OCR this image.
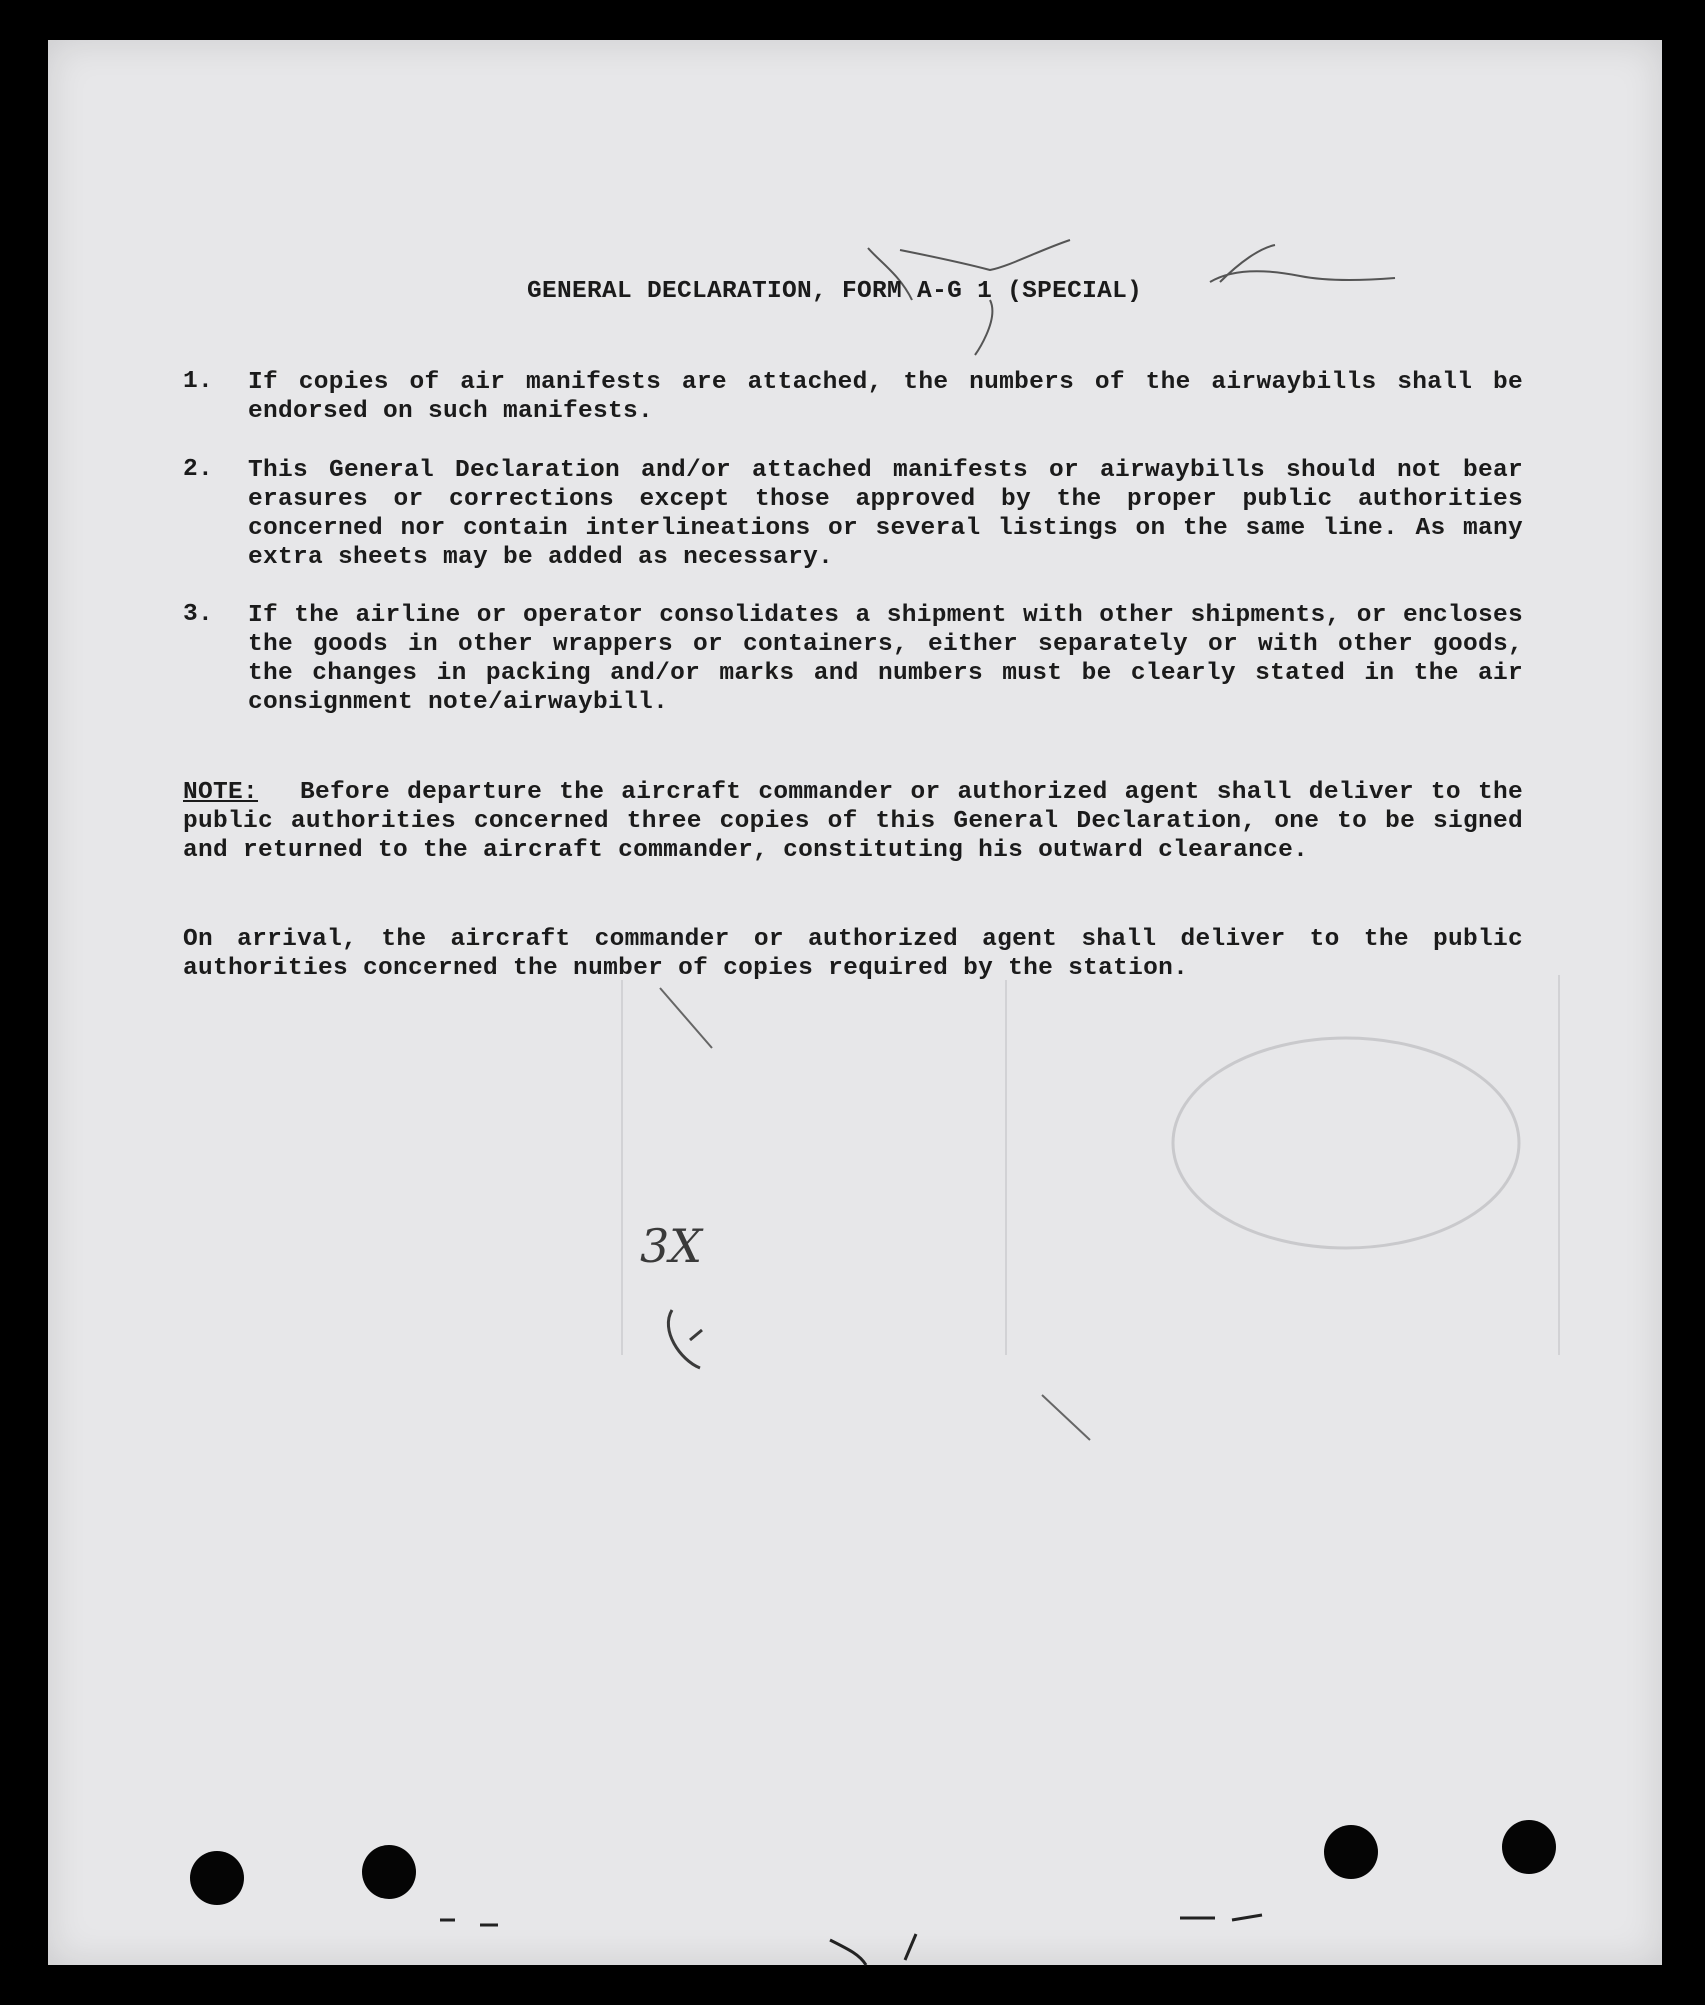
3X
GENERAL DECLARATION, FORM A-G 1 (SPECIAL)
1. If copies of air manifests are attached, the numbers of the airwaybills shall be endorsed on such manifests.
2. This General Declaration and/or attached manifests or airwaybills should not bear erasures or corrections except those approved by the proper public authorities concerned nor contain interlineations or several listings on the same line. As many extra sheets may be added as necessary.
3. If the airline or operator consolidates a shipment with other shipments, or encloses the goods in other wrappers or containers, either separately or with other goods, the changes in packing and/or marks and numbers must be clearly stated in the air consignment note/airwaybill.
NOTE: Before departure the aircraft commander or authorized agent shall deliver to the public authorities concerned three copies of this General Declaration, one to be signed and returned to the aircraft commander, constituting his outward clearance.
On arrival, the aircraft commander or authorized agent shall deliver to the public authorities concerned the number of copies required by the station.
